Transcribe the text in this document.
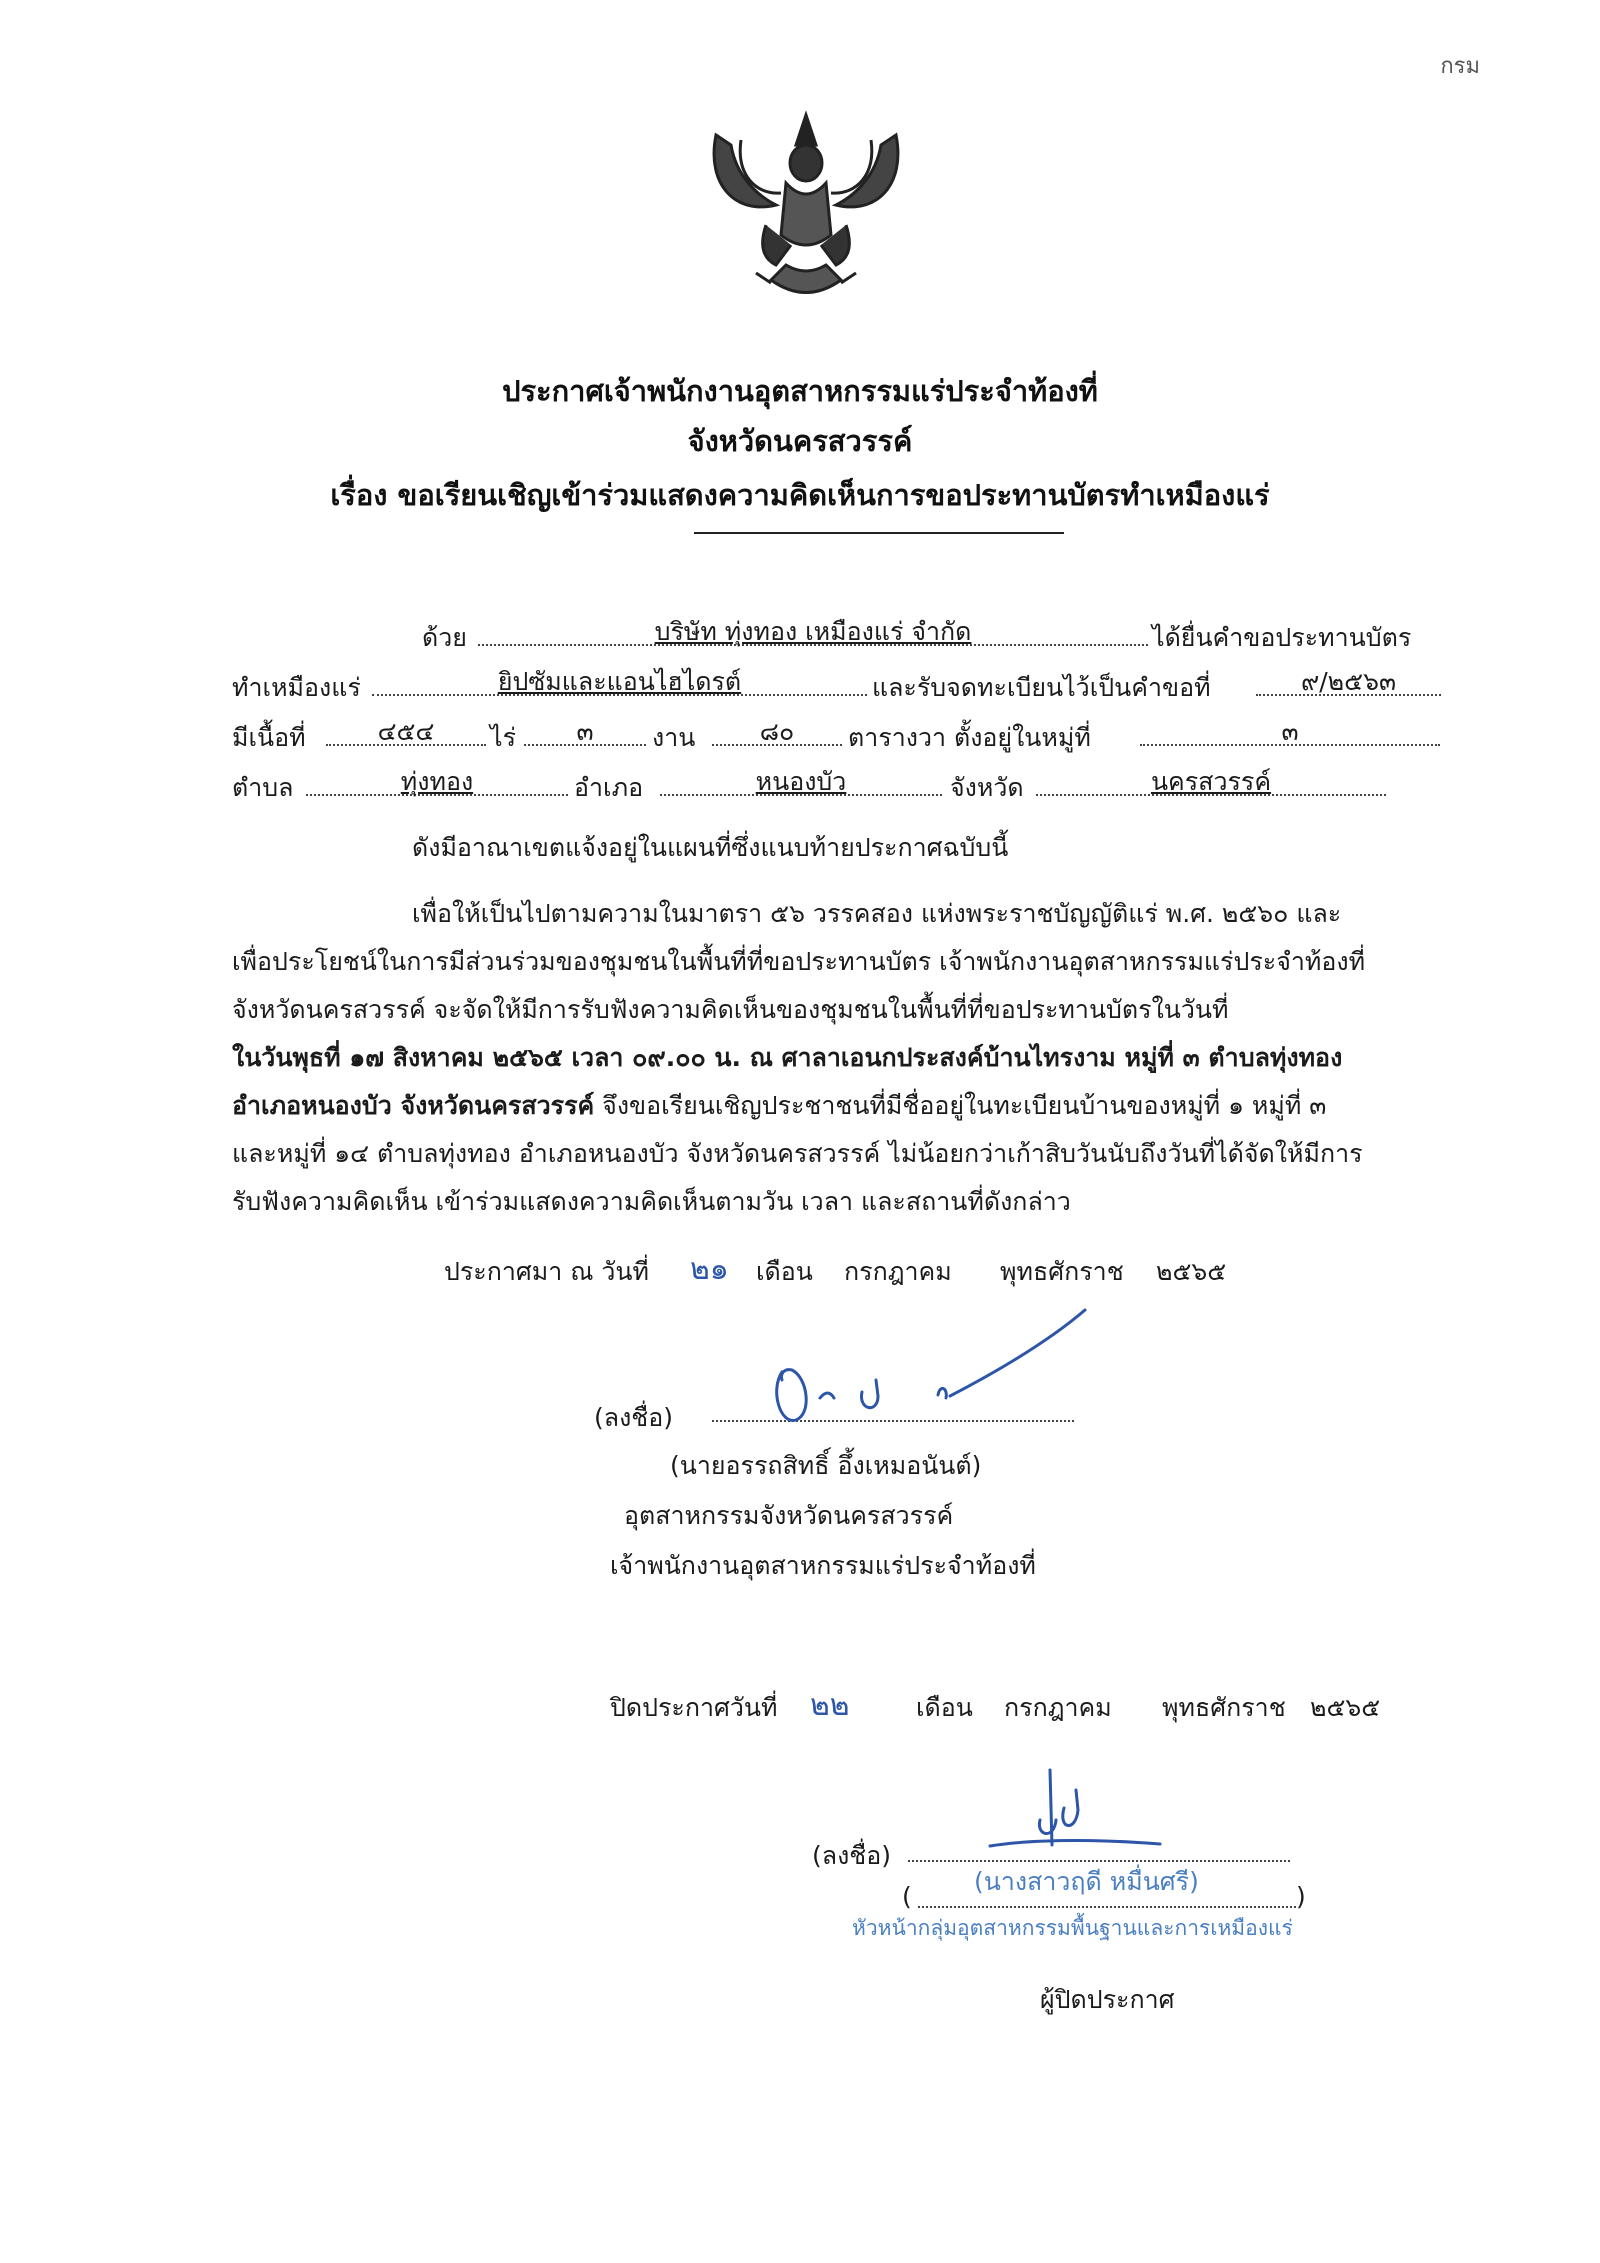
กรม
ประกาศเจ้าพนักงานอุตสาหกรรมแร่ประจำท้องที่
จังหวัดนครสวรรค์
เรื่อง ขอเรียนเชิญเข้าร่วมแสดงความคิดเห็นการขอประทานบัตรทำเหมืองแร่
ด้วย	บริษัท ทุ่งทอง เหมืองแร่ จำกัด	ได้ยื่นคำขอประทานบัตร
ทำเหมืองแร่	ยิปซัมและแอนไฮไดรต์	และรับจดทะเบียนไว้เป็นคำขอที่	๙/๒๕๖๓
มีเนื้อที่	๔๕๔	ไร่	๓	งาน	๘๐	ตารางวา ตั้งอยู่ในหมู่ที่	๓
ตำบล	ทุ่งทอง	อำเภอ	หนองบัว	จังหวัด	นครสวรรค์
ดังมีอาณาเขตแจ้งอยู่ในแผนที่ซึ่งแนบท้ายประกาศฉบับนี้
เพื่อให้เป็นไปตามความในมาตรา ๕๖ วรรคสอง แห่งพระราชบัญญัติแร่ พ.ศ. ๒๕๖๐ และ
เพื่อประโยชน์ในการมีส่วนร่วมของชุมชนในพื้นที่ที่ขอประทานบัตร เจ้าพนักงานอุตสาหกรรมแร่ประจำท้องที่
จังหวัดนครสวรรค์ จะจัดให้มีการรับฟังความคิดเห็นของชุมชนในพื้นที่ที่ขอประทานบัตรในวันที่
ในวันพุธที่ ๑๗ สิงหาคม ๒๕๖๕ เวลา ๐๙.๐๐ น. ณ ศาลาเอนกประสงค์บ้านไทรงาม หมู่ที่ ๓ ตำบลทุ่งทอง
อำเภอหนองบัว จังหวัดนครสวรรค์ จึงขอเรียนเชิญประชาชนที่มีชื่ออยู่ในทะเบียนบ้านของหมู่ที่ ๑ หมู่ที่ ๓
และหมู่ที่ ๑๔ ตำบลทุ่งทอง อำเภอหนองบัว จังหวัดนครสวรรค์ ไม่น้อยกว่าเก้าสิบวันนับถึงวันที่ได้จัดให้มีการ
รับฟังความคิดเห็น เข้าร่วมแสดงความคิดเห็นตามวัน เวลา และสถานที่ดังกล่าว
ประกาศมา ณ วันที่ ๒๑ เดือน กรกฎาคม พุทธศักราช ๒๕๖๕
(ลงชื่อ)
(นายอรรถสิทธิ์ อึ้งเหมอนันต์)
อุตสาหกรรมจังหวัดนครสวรรค์
เจ้าพนักงานอุตสาหกรรมแร่ประจำท้องที่
ปิดประกาศวันที่ ๒๒	เดือน กรกฎาคม พุทธศักราช ๒๕๖๕
(ลงชื่อ)
(
(นางสาวฤดี หมื่นศรี)
)
หัวหน้ากลุ่มอุตสาหกรรมพื้นฐานและการเหมืองแร่
ผู้ปิดประกาศ
